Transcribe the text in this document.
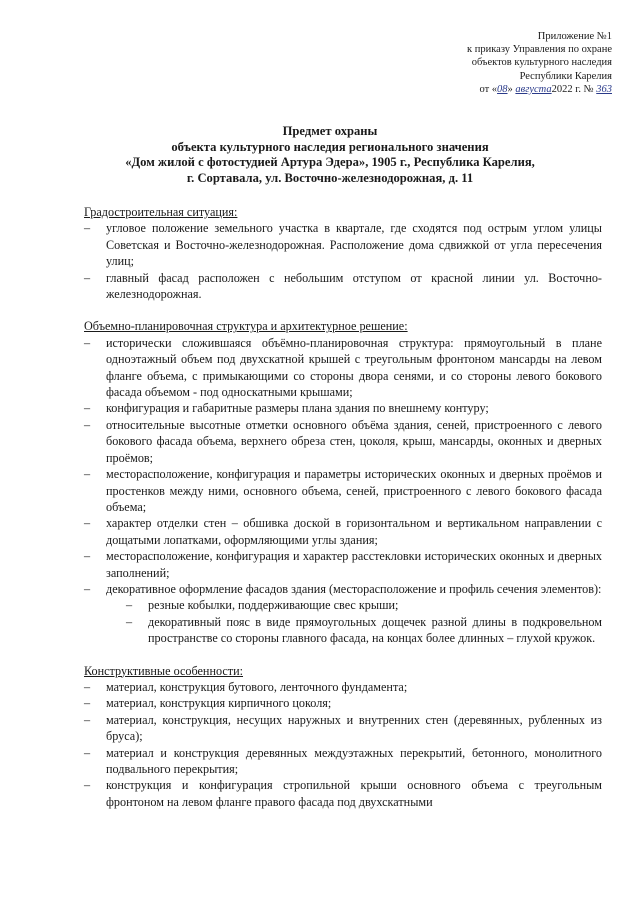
Приложение №1
к приказу Управления по охране
объектов культурного наследия
Республики Карелия
от «08» августа2022 г. № 363
Предмет охраны
объекта культурного наследия регионального значения
«Дом жилой с фотостудией Артура Эдера», 1905 г., Республика Карелия,
г. Сортавала, ул. Восточно-железнодорожная, д. 11
Градостроительная ситуация:
– угловое положение земельного участка в квартале, где сходятся под острым углом улицы Советская и Восточно-железнодорожная. Расположение дома сдвижкой от угла пересечения улиц;
– главный фасад расположен с небольшим отступом от красной линии ул. Восточно-железнодорожная.
Объемно-планировочная структура и архитектурное решение:
– исторически сложившаяся объёмно-планировочная структура: прямоугольный в плане одноэтажный объем под двухскатной крышей с треугольным фронтоном мансарды на левом фланге объема, с примыкающими со стороны двора сенями, и со стороны левого бокового фасада объемом - под односкатными крышами;
– конфигурация и габаритные размеры плана здания по внешнему контуру;
– относительные высотные отметки основного объёма здания, сеней, пристроенного с левого бокового фасада объема, верхнего обреза стен, цоколя, крыш, мансарды, оконных и дверных проёмов;
– месторасположение, конфигурация и параметры исторических оконных и дверных проёмов и простенков между ними, основного объема, сеней, пристроенного с левого бокового фасада объема;
– характер отделки стен – обшивка доской в горизонтальном и вертикальном направлении с дощатыми лопатками, оформляющими углы здания;
– месторасположение, конфигурация и характер расстекловки исторических оконных и дверных заполнений;
– декоративное оформление фасадов здания (месторасположение и профиль сечения элементов):
– резные кобылки, поддерживающие свес крыши;
– декоративный пояс в виде прямоугольных дощечек разной длины в подкровельном пространстве со стороны главного фасада, на концах более длинных – глухой кружок.
Конструктивные особенности:
– материал, конструкция бутового, ленточного фундамента;
– материал, конструкция кирпичного цоколя;
– материал, конструкция, несущих наружных и внутренних стен (деревянных, рубленных из бруса);
– материал и конструкция деревянных междуэтажных перекрытий, бетонного, монолитного подвального перекрытия;
– конструкция и конфигурация стропильной крыши основного объема с треугольным фронтоном на левом фланге правого фасада под двухскатными
